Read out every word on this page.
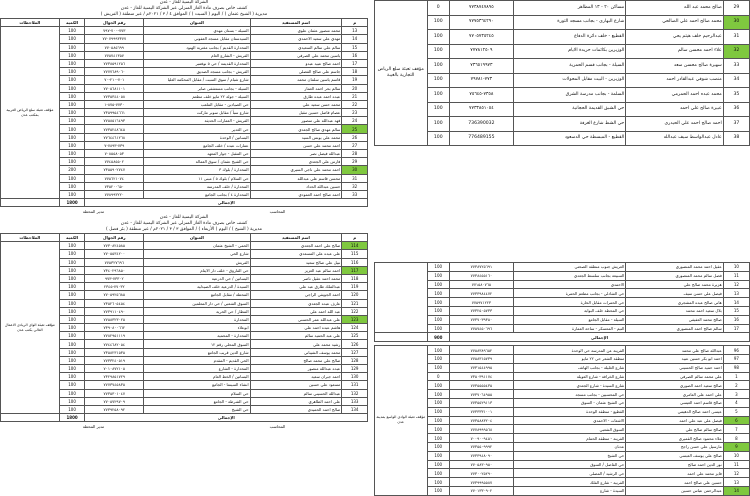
الشركة اليمنية للغاز - عدن
كشف خاص بصرف مادة الغاز المنزلي عبر الشركة اليمنية للغاز - عدن
مديرية ( الشيخ عثمان ) / اليوم ( السبت ) / الموافق ٤ / ٣ / ٢٠٢١م / عبر منطقة ( الفريش )
م	اسم المستفيد	العنوان	رقم الجوال	الكمية	الملاحظات
13	محمد منصور عثمان علوي	السيلة - بستان مهدي	٧٧٣-٧٠٠-٧٩٧	100	مؤقف تعبئة سلع الرياض العربية بمكتب عدن
14	مهدي علي سعيد الاحمدي	السيدستان مقابل مسجد العفوني	٧٧٠٧٩٩٩٣٣٧٧	100	
15	سالم علي سالم السعيدي	المحدارة القديم / بجانب مغتربة الهنود	٧٧٠٥٨٥٦٩٩	100	
16	ياسين محمد علي الصرفي	الفريش - الشارع العام	٧٧٥٧٤١٣٥٧	100	
17	احمد صالح عبيد عبدو	المحدارة القديمة / حي ٥ نوفمبر	٧٧٣٨٥٩١٢٥٦	100	
18	جاسم علي صالح الفضلي	الفريش - بجانب مسجد الصديق	٧٧٧٧٦٨٩٠٦٠	100	
19	قاسم ياسين سلمان محمد	شارع شبام / سوق السبت / مقابل المحكمة العليا	٧٠١-٢١٠-٧٠	100	
20	سالم بحر احمد العمار	السيلة - بجانب مستشفى صابر	٧٧٠٥٦٨١١٠١	100	
21	عبده احمد عبده طارق	السيلة - جولة ٢٢ مايو خلف مطعم	٧٧٣٥٣٤٤٠٥٨	100	
22	محمد حسن سعيد علي	حي الصيادين - مقابل الملعب	٧٧٣٠-٨٧٥-١	100	
23	عصام فاضل حسين مقبل	شارع سبأ / مقابل سوبر ماركت	٧٣٥٩٩٥٤٦٦١	100	
24	فهد عبدالله علي منصور	الفريش - العمارات الحديثة	٧٧٥٨٥١٦٤٩٣	100	
25	سالم مهدي صالح الجعدي	حي الغدير	٧٧٣٥٢٤٨٦٤٥	100	
26	محمد علي يونس السيد	البساتين / الوحدة	٧٧٦٤٤٦١٢٦٨	100	
27	احمد محمد علي حسن	عمارات عبده / خلف الجامع	٧٣٩-٧٨٩٣-٧	100	
28	عبدالله فيصل نصر	حي المقبل - جوار المعهد	٧٠٨٥٥٨٠٥٣	100	
29	فارس علي الجعدي	حي الشيخ عثمان / سوق العمالة	٧٧٤٥٨٥٥٠٢	100	
30	احمد محمد علي ناجي السيري	المحدارة / بلوك ٣	٧٣٥٥٩٠٢٧٤٧	200	
31	محسن قاسم علي عبدالله	حي السلام / بلوك ٥ / مبنى ١١	٧٧٥٦٢١٠٧٤	100	
32	حسين عبدالله الحداد	المحدارة / خلف المدرسة	٧٣٥٢٠٠٦٥٠	100	
33	احمد صالح احمد العمودي	المحدارة ٤ / بجانب الجامع	٧٧٨٩٩٣٢٢٠	100	
الإجمالي				1800	
المحاسب
مدير المحطة
الشركة اليمنية للغاز - عدن
كشف خاص بصرف مادة الغاز المنزلي عبر الشركة اليمنية للغاز - عدن
مديرية ( الشيخ ) / اليوم ( الأربعاء ) / الموافق ٣ / ٣ / ٢٠٢١م / عبر منطقة ( بئر فضل )
م	اسم المستفيد	العنوان	رقم الجوال	الكمية	الملاحظات
114	صالح علي احمد الجعدي	الحمي - الشيخ عثمان	٧٧٣٠٨٢٤٥٨٥	100	مؤقف تعبئة الواي الريادي الاعمال العالي بكتب عدن
115	علي عبده علي المسعدي	شارع الحي	٧٧٠٥٥٣٤٢٠٠	100	
116	نبيل علي صالح سعيد	الفريش	٧٧٥٣٢٧٦٩٦	100	
117	احمد سالم عبد العزيز	حي الفاروق - خلف دار الايتام	٧٣٤٠٢٩٦٨٥٠	100	
118	محمد احمد عقيل ناصر	البساتين / حي الدرعية	٧٣٣٠٢-٩٧٣	100	
119	عبدالملك طارق عبد علي	السيدة / الدرعية خلف الصيدلية	٧٧٠٣٢-٢٣٤٥	100	
120	احمد الجويفي الراجي	المحطة / مقابل الجامع	٧٧٠٥٩٢٥٦٨٥	100	
121	عارف عبده الجعدي	السوق الشعبي / حي دار المعلمين	٧٣٥٢٦٠٥٤٥٤	100	
122	عبد الله احمد علي	المطار / حي الحرية	٧٧٣٩١١٠٤٩٠	100	
123	علي عبدالله عمر الحسني	المحدارة	٧٧٥٨٣٢٣٠٢٥	100	
124	هاشم عبده احمد علي	ابوعلاء	٧٣٩٠٨٠٠٦٦٢	100	
125	علي عبد الحميد سالم	المحدارة - المحمية	٧٧٨٢٩٥١١١٩	100	
126	رشيد محمد علي	السوق المحلي رقم ١٢	٧٧٤٤٦٨٢٠٥٤	100	
127	محمد يوسف الشيباني	شارع الدين قريب الجامع	٧٣٥٨٢٣١٥٣٥	100	
128	صالح علي محمد صالح	الحي القديم - المقدم	٧٧٣٣٢٤٠٥١٩	100	
129	عبده عبدالله منصور	المحدارة - الشارع	٧٠١٠٨٧٢١٠٥	100	
130	احمد جبران سعيد	البساتين / الخط العام	٧٣٢٩٨٥١٧٢٩	100	
131	مسعود علي حسين	انشاء السينما - الجامع	٧٧٧٣٧٤٥٨٣٥	100	
132	عبدالله الحسيني سالم	حي السلام	٧٧٣٥٣٠١٠٤٧	100	
133	علي احمد الطاهري	حي الشرطة - الجامع	٧٧٠٥٧٢٩٧٠٩	100	
134	صالح احمد الحميدي	حي الشيخ	٧٧٣٩٢٥٨٠٩٢	100	
الإجمالي				1800	
المحاسب
مدير المحطة
29	صالح محمد عبد الله	مساكن ٢٠ - ١٣ المطاهر	٧٧٣٨٧٤٧٨٩٥	0	مؤقف تعبئة سلع الرياض التجارية بالغيبة
30	محمد صالح احمد علي الصالحي	شارع البهاري - بجانب مسجد الثورة	٧٧٧٥٣٦٤٢٩٠	100	
31	عبدالرحيم خلف هيثم يحي	القطيع - خلف دائرة الدفاع	٧٧٠٥٧٣٥٢٤٥	100	
32	علاء احمد محسن سالم	الوزيرين بكائمات حريدة الايام	٧٧٧٨١٢٥٠٩	100	
33	سهيرة صالح محسن سعد	السيلة - بجانب قسم الحمرية	٧٣٦٥١٩٩٧٣	100	
34	منصب شوقي عبدالقادر احمد	الوزيرين - البيت مقابل المحولات	٧٧٣-٧٩٧٨١	100	
35	محمد عبده احمد الحمرمي	السلمة - بجانب مدرسة الشرق	٧٣٥٨-٧٥٦٤٥	100	
36	عبيرة صالح علي احمد	حي الشبق القديمة الحجانية	٧٧٣٣٨٥١٠٥٤	100	
37	احمد صالح احمد علي الحيدري	حي الشط شارع الغرفة	736390032	100	
38	عادل عبدالواسط سيف عبدالله	القطيع - المبسطة حي الدسعود	776489155	100	
10	عقيل احمد محمد المنصوري	العريش جنوب منطقة الصحتي	٧٧٣٨٧٢٥٦٩١	100	
11	فضل سالم محمد المنصوري	السبيعة بجانب سلسط الجعدي	٧٧٣٨٤٥٥١٦٠	100	
12	هزيرة محمد صالح علي	الاحمدي	٧٧١٥٨٠٧٦٥	100	
13	فيصل علي حسن سيف	حي الشادلي - بجانب مطعم الحمرة	٧٧٣٣٩٨٤٤٧٢	100	
14	هاني صالح عبده المشجري	حي الحمرات مقابل الحارة	٧٧٥٩٧١٢٢٣	100	
15	بلال سعيد احمد محمد	حي المحطة خلف البوابة	٧٧٣٢٥٠٥٧٣٣	100	
16	صالح محمد العفيفي	السيلة - مقابل الجامع	٧٧٣٧٠٣٩٣٥٠	100	
17	سالم صالح احمد المنصوري	النيم - المعسكر - ساحة العمارة	٧٧٥٧٤٥٠٦٩٦	100	
الإجمالي				900	
96	عبدالله صالح علي محمد	الفرينة عن المدرسة حي الوحدة	٧٧٥٨٣٨٩٦٥٢	100	مؤقف تعبئة الوادي الواسع بمدينة عدن
97	احمد ابو بكر حسين عبيد	منطقة الشعر حي ٢٢ مايو	٧٧٥٨٣١٥٧٣٩	100	
98	احمد حميد صالح الحسيني	شارع الغليلة - بجانب الهاتف	٧٧٣١٥٤٤٩٩٥	100	
1	علي محمد سالم الصرفي	شارع الخرافة - شارع العويلة	٧٣٥٠٣٩١١٧٤	0	
2	صالح سعيد احمد الصوري	شارع السيدة - شارع الجعدي	٧٧٣٥٥٥٥٤٣٥	100	
3	علي احمد علي العامري	حي المحسيين - بجانب مسجد	٧٧٣٧٠٦٤٩٥٥	100	
4	صالح قاسم احمد العيسي	حي الشيخ عثمان - السوق	٧٧٣٥٥٢٩١١٣	100	
5	عيسى احمد صالح الدهيمي	القطيع - منطقة الوحدة	٧٧٣٣٣٣١٠٠١	100	
6	فيصل علي عبد علي احمد	الاشعات - الاحمدي	٧٧٣٥٨٨٣٢٠٤	100	
7	صالح سالم صالح علي	السوق الشعبي	٧٧٧٨٩٩٩٥٦٨	100	
8	علاء محمود صالح القميري	الفرينة - منطقة الحمام	٧٠٠٩٠٠٩٤٥١	100	
9	مارسيل علي حسن راجح	عدنان	٧٧٣٥٥٠٩٩٩٢	100	
10	صالح علي يوسف العبسي	حي الشيخ	٧٧٣٣٩٤٨٠٩٠	100	
11	نور الدين احمد صالح	حي الفاضل / السوق	٧٧٠٥٨٣٠٩٥٠	100	
12	فايز محمد علي احمد	حي الرشيد / المصلى	٧٧٣٠٠٢٥٢٩٠	100	
13	حسين علي صالح احمد	الفرنية - شارع الفلك	٧٧٣٩٩٩٥٥٨٧	100	
14	عبدالرحمن عباس حسين	السيدة - شارع	٧٧٠١٣٣٠٩٠٢	100	
